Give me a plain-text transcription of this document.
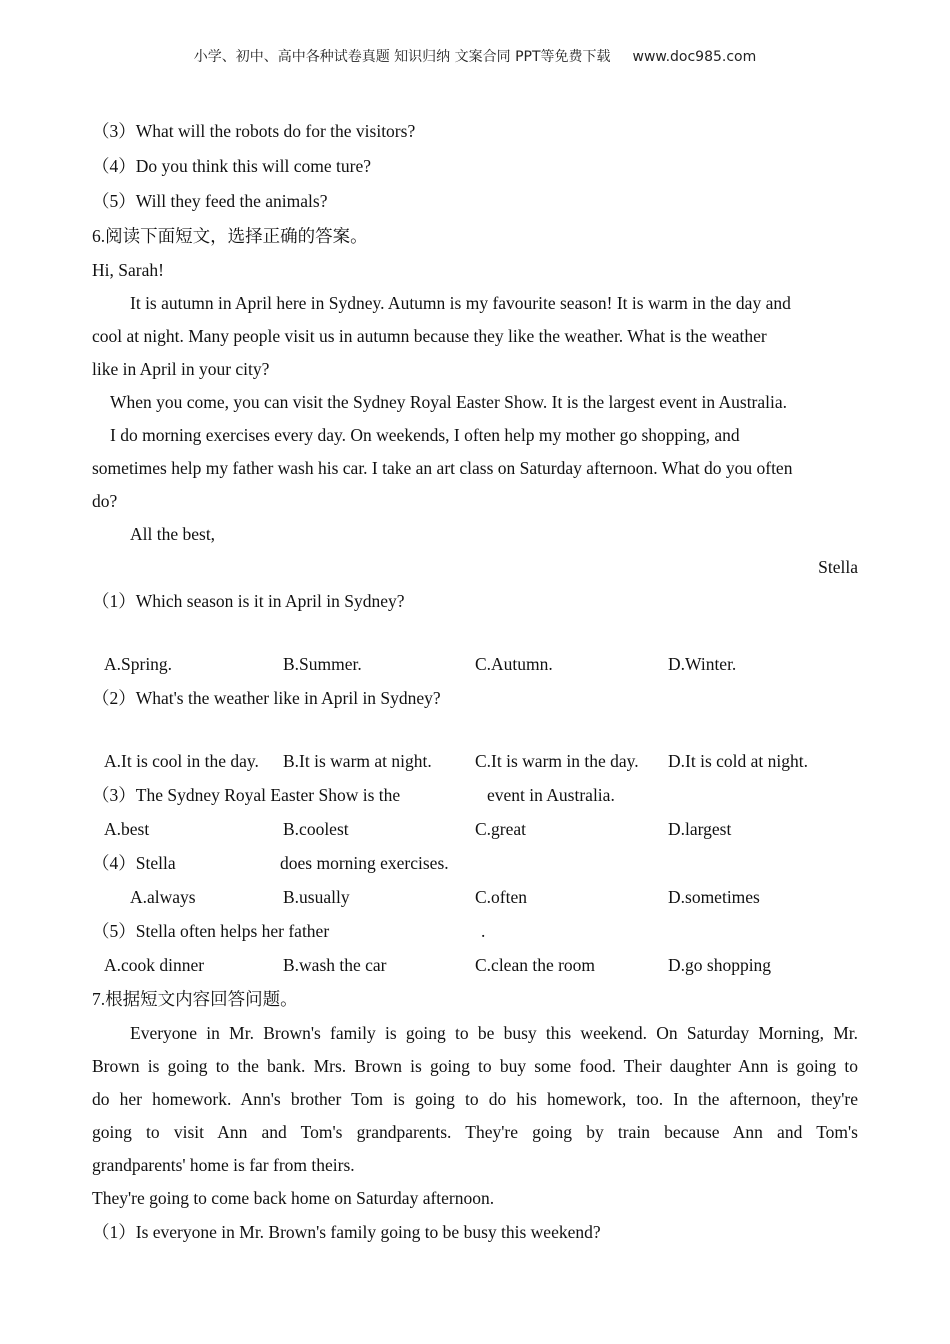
小学、初中、高中各种试卷真题 知识归纳 文案合同 PPT等免费下载 www.doc985.com
（3）What will the robots do for the visitors?
（4）Do you think this will come ture?
（5）Will they feed the animals?
6.阅读下面短文，选择正确的答案。
Hi, Sarah!
It is autumn in April here in Sydney. Autumn is my favourite season! It is warm in the day and
cool at night. Many people visit us in autumn because they like the weather. What is the weather
like in April in your city?
When you come, you can visit the Sydney Royal Easter Show. It is the largest event in Australia.
I do morning exercises every day. On weekends, I often help my mother go shopping, and
sometimes help my father wash his car. I take an art class on Saturday afternoon. What do you often
do?
All the best,
Stella
（1）Which season is it in April in Sydney?
A.Spring.	B.Summer.	C.Autumn.	D.Winter.
（2）What's the weather like in April in Sydney?
A.It is cool in the day. B.It is warm at night. C.It is warm in the day. D.It is cold at night.
（3）The Sydney Royal Easter Show is the	event in Australia.
A.best	B.coolest	C.great	D.largest
（4）Stella	does morning exercises.
A.always	B.usually	C.often	D.sometimes
（5）Stella often helps her father	.
A.cook dinner	B.wash the car	C.clean the room	D.go shopping
7.根据短文内容回答问题。
Everyone in Mr. Brown's family is going to be busy this weekend. On Saturday Morning, Mr.
Brown is going to the bank. Mrs. Brown is going to buy some food. Their daughter Ann is going to
do her homework. Ann's brother Tom is going to do his homework, too. In the afternoon, they're
going to visit Ann and Tom's grandparents. They're going by train because Ann and Tom's
grandparents' home is far from theirs.
They're going to come back home on Saturday afternoon.
（1）Is everyone in Mr. Brown's family going to be busy this weekend?
